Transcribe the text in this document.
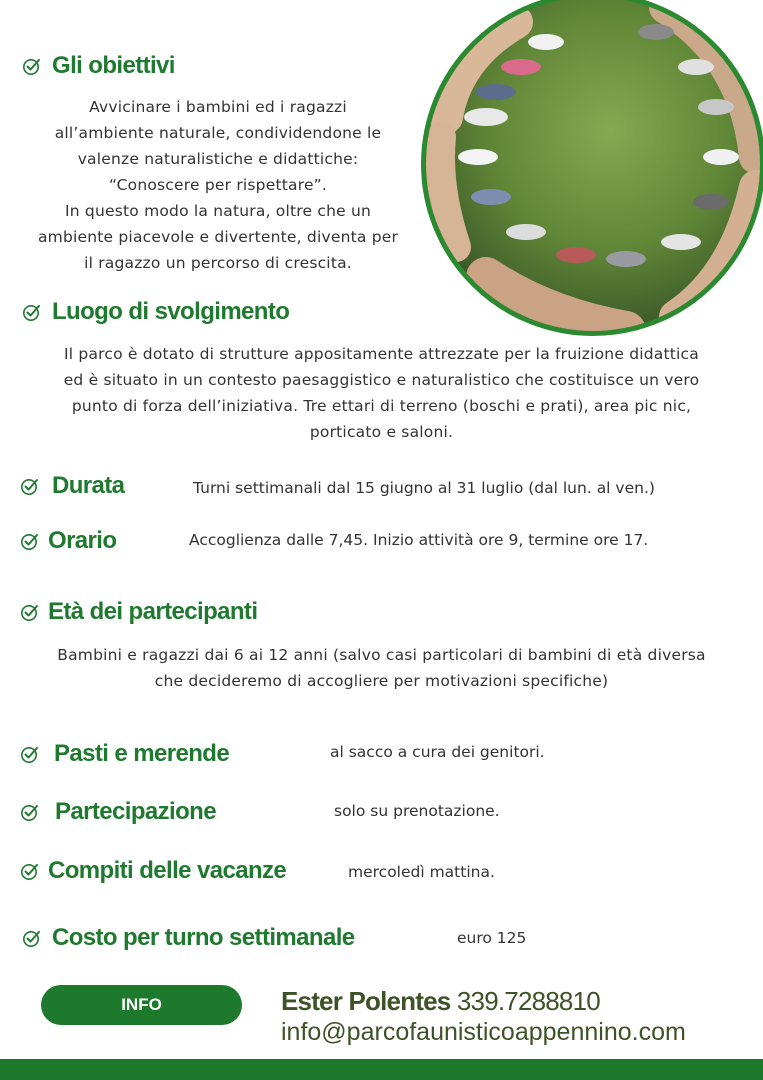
Gli obiettivi
Avvicinare i bambini ed i ragazzi
all’ambiente naturale, condividendone le
valenze naturalistiche e didattiche:
“Conoscere per rispettare”.
In questo modo la natura, oltre che un
ambiente piacevole e divertente, diventa per
il ragazzo un percorso di crescita.
Luogo di svolgimento
Il parco è dotato di strutture appositamente attrezzate per la fruizione didattica
ed è situato in un contesto paesaggistico e naturalistico che costituisce un vero
punto di forza dell’iniziativa. Tre ettari di terreno (boschi e prati), area pic nic,
porticato e saloni.
Durata	Turni settimanali dal 15 giugno al 31 luglio (dal lun. al ven.)
Orario	Accoglienza dalle 7,45. Inizio attività ore 9, termine ore 17.
Età dei partecipanti
Bambini e ragazzi dai 6 ai 12 anni (salvo casi particolari di bambini di età diversa
che decideremo di accogliere per motivazioni specifiche)
Pasti e merende	al sacco a cura dei genitori.
Partecipazione	solo su prenotazione.
Compiti delle vacanze	mercoledì mattina.
Costo per turno settimanale	euro 125
INFO	Ester Polentes 339.7288810
info@parcofaunisticoappennino.com
